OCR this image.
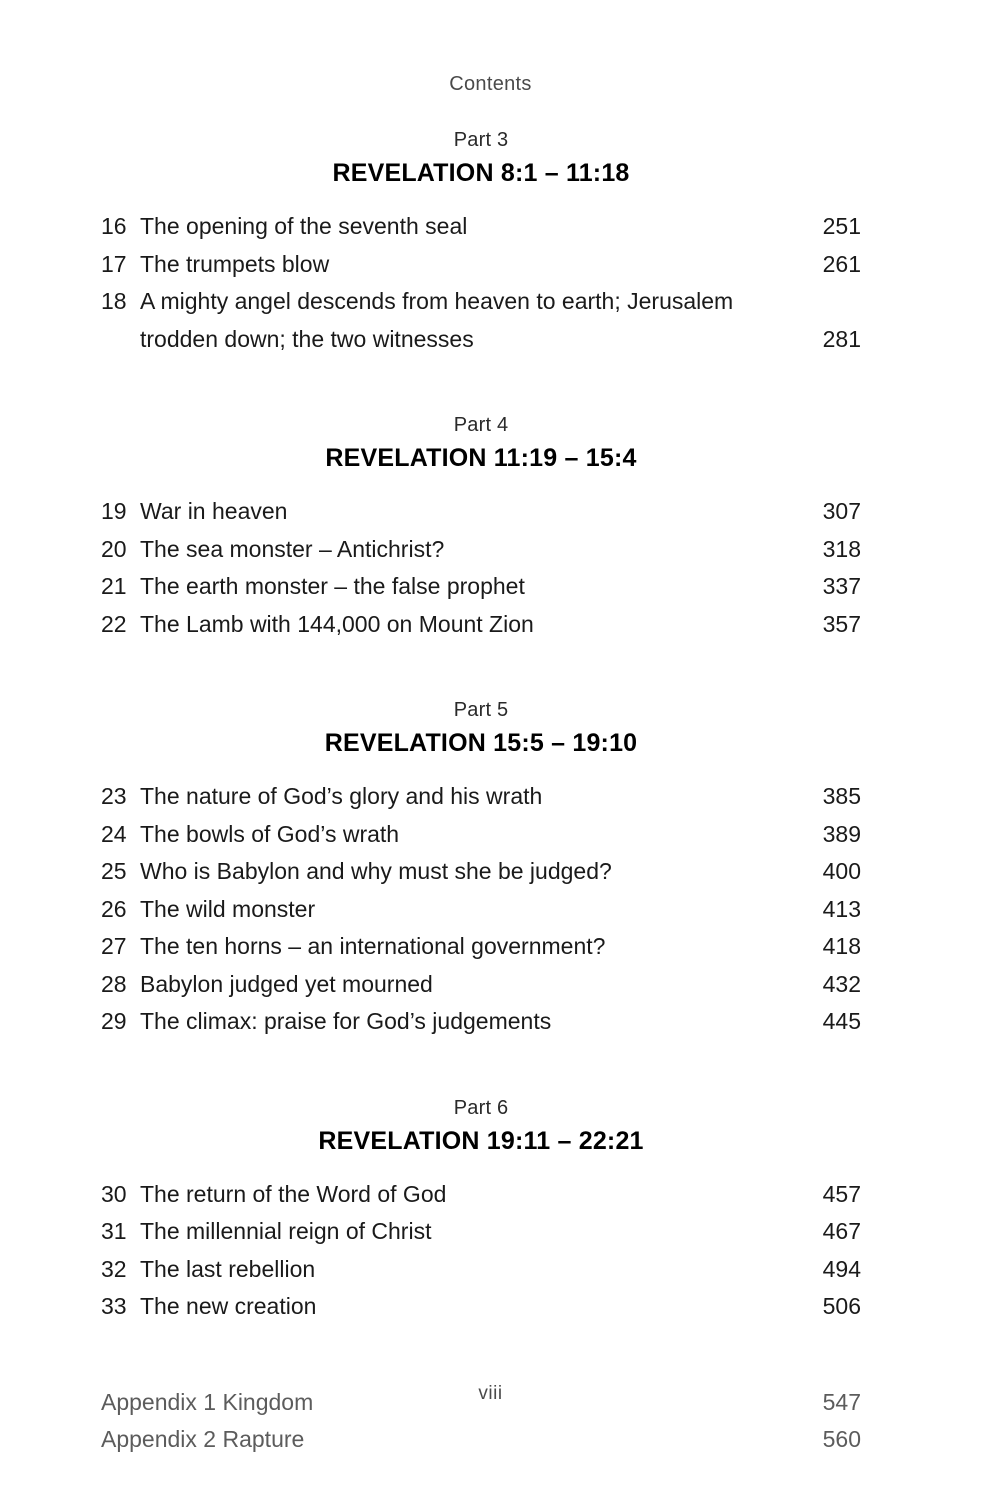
Contents
Part 3
REVELATION 8:1 – 11:18
16 The opening of the seventh seal	251
17 The trumpets blow	261
18 A mighty angel descends from heaven to earth; Jerusalem
trodden down; the two witnesses	281
Part 4
REVELATION 11:19 – 15:4
19 War in heaven	307
20 The sea monster – Antichrist?	318
21 The earth monster – the false prophet	337
22 The Lamb with 144,000 on Mount Zion	357
Part 5
REVELATION 15:5 – 19:10
23 The nature of God’s glory and his wrath	385
24 The bowls of God’s wrath	389
25 Who is Babylon and why must she be judged?	400
26 The wild monster	413
27 The ten horns – an international government?	418
28 Babylon judged yet mourned	432
29 The climax: praise for God’s judgements	445
Part 6
REVELATION 19:11 – 22:21
30 The return of the Word of God	457
31 The millennial reign of Christ	467
32 The last rebellion	494
33 The new creation	506
Appendix 1 Kingdom	547
Appendix 2 Rapture	560
viii
